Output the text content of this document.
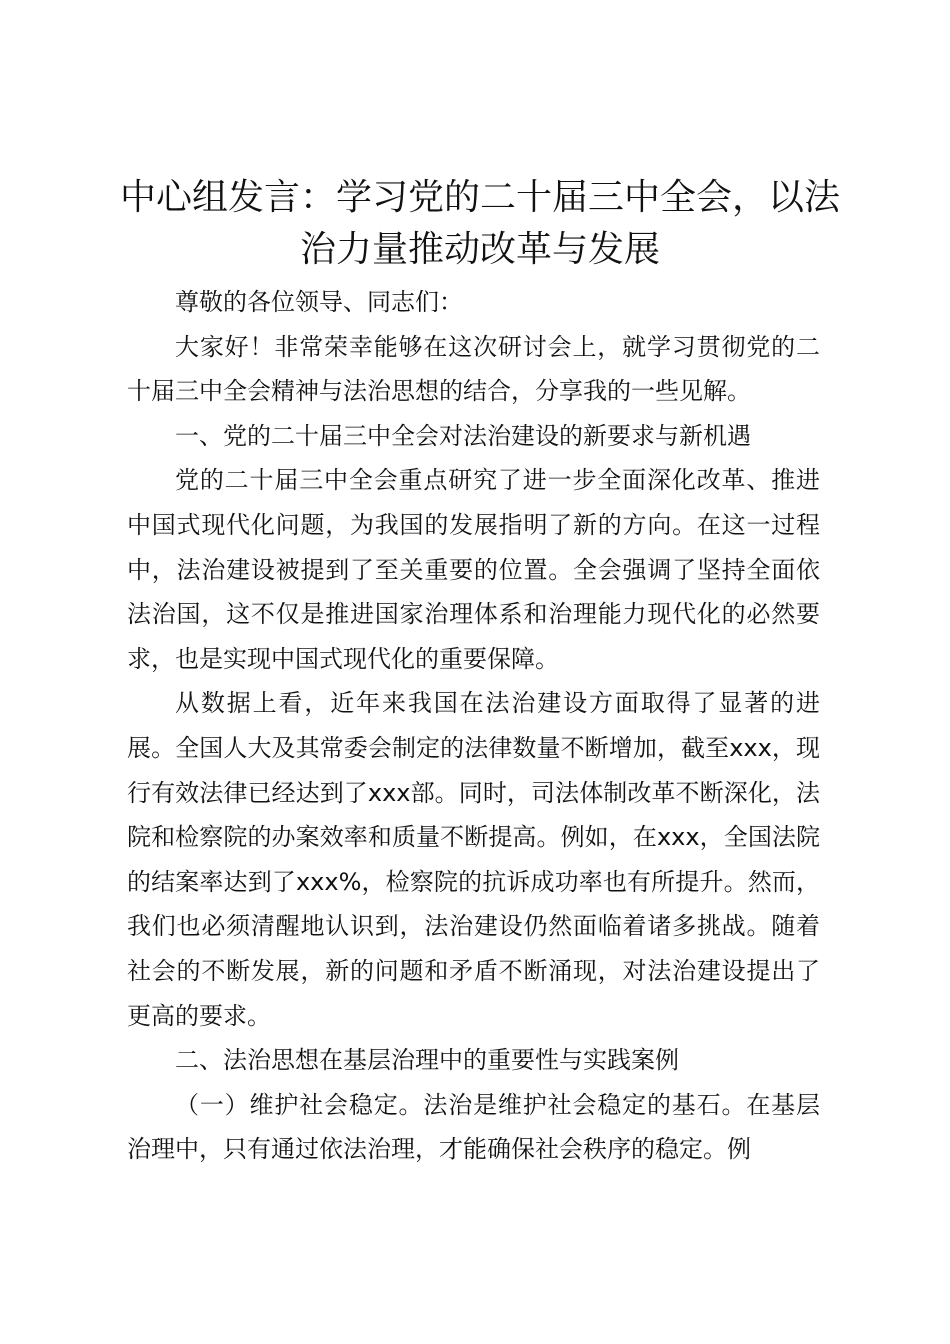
中心组发言：学习党的二十届三中全会，以法治力量推动改革与发展

尊敬的各位领导、同志们：

大家好！非常荣幸能够在这次研讨会上，就学习贯彻党的二十届三中全会精神与法治思想的结合，分享我的一些见解。

一、党的二十届三中全会对法治建设的新要求与新机遇

党的二十届三中全会重点研究了进一步全面深化改革、推进中国式现代化问题，为我国的发展指明了新的方向。在这一过程中，法治建设被提到了至关重要的位置。全会强调了坚持全面依法治国，这不仅是推进国家治理体系和治理能力现代化的必然要求，也是实现中国式现代化的重要保障。

从数据上看，近年来我国在法治建设方面取得了显著的进展。全国人大及其常委会制定的法律数量不断增加，截至xxx，现行有效法律已经达到了xxx部。同时，司法体制改革不断深化，法院和检察院的办案效率和质量不断提高。例如，在xxx，全国法院的结案率达到了xxx%，检察院的抗诉成功率也有所提升。然而，我们也必须清醒地认识到，法治建设仍然面临着诸多挑战。随着社会的不断发展，新的问题和矛盾不断涌现，对法治建设提出了更高的要求。

二、法治思想在基层治理中的重要性与实践案例

（一）维护社会稳定。法治是维护社会稳定的基石。在基层治理中，只有通过依法治理，才能确保社会秩序的稳定。例
